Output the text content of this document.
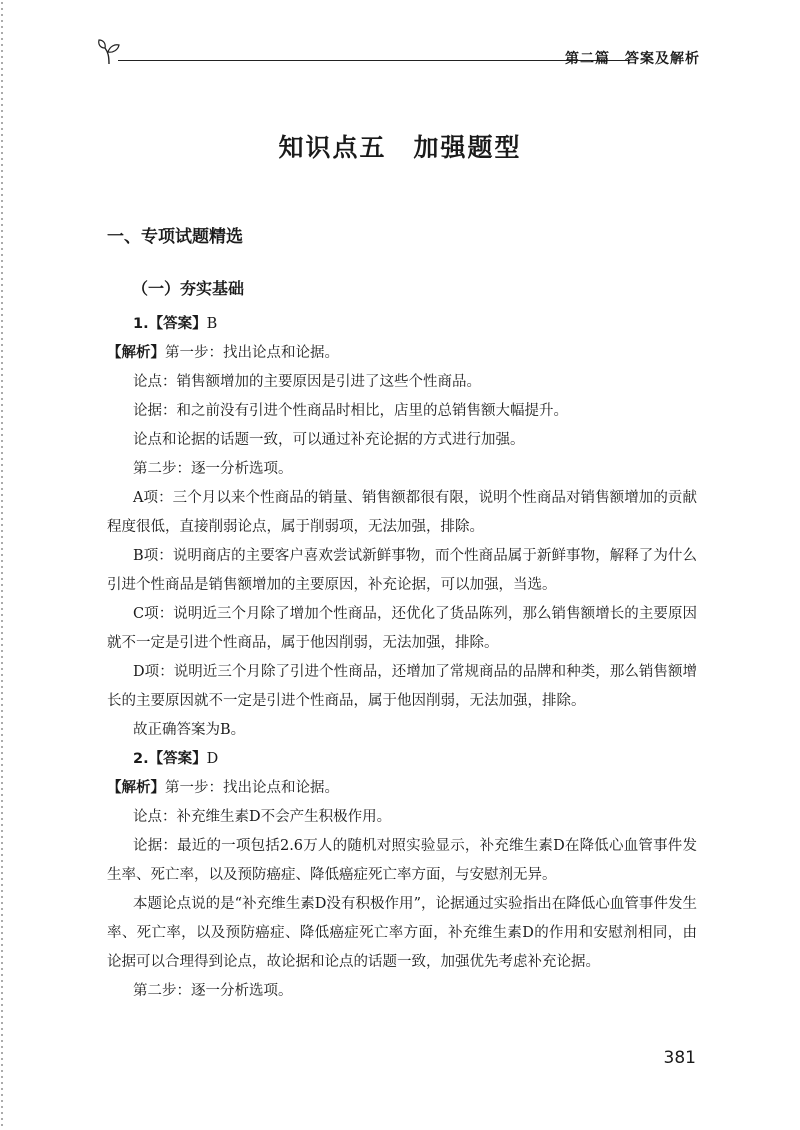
第二篇　答案及解析
知识点五　加强题型
一、专项试题精选
（一）夯实基础

1.【答案】B

【解析】第一步：找出论点和论据。

论点：销售额增加的主要原因是引进了这些个性商品。

论据：和之前没有引进个性商品时相比，店里的总销售额大幅提升。

论点和论据的话题一致，可以通过补充论据的方式进行加强。

第二步：逐一分析选项。

A项：三个月以来个性商品的销量、销售额都很有限，说明个性商品对销售额增加的贡献程度很低，直接削弱论点，属于削弱项，无法加强，排除。

B项：说明商店的主要客户喜欢尝试新鲜事物，而个性商品属于新鲜事物，解释了为什么引进个性商品是销售额增加的主要原因，补充论据，可以加强，当选。

C项：说明近三个月除了增加个性商品，还优化了货品陈列，那么销售额增长的主要原因就不一定是引进个性商品，属于他因削弱，无法加强，排除。

D项：说明近三个月除了引进个性商品，还增加了常规商品的品牌和种类，那么销售额增长的主要原因就不一定是引进个性商品，属于他因削弱，无法加强，排除。

故正确答案为B。

2.【答案】D

【解析】第一步：找出论点和论据。

论点：补充维生素D不会产生积极作用。

论据：最近的一项包括2.6万人的随机对照实验显示，补充维生素D在降低心血管事件发生率、死亡率，以及预防癌症、降低癌症死亡率方面，与安慰剂无异。

本题论点说的是“补充维生素D没有积极作用”，论据通过实验指出在降低心血管事件发生率、死亡率，以及预防癌症、降低癌症死亡率方面，补充维生素D的作用和安慰剂相同，由论据可以合理得到论点，故论据和论点的话题一致，加强优先考虑补充论据。

第二步：逐一分析选项。

381
